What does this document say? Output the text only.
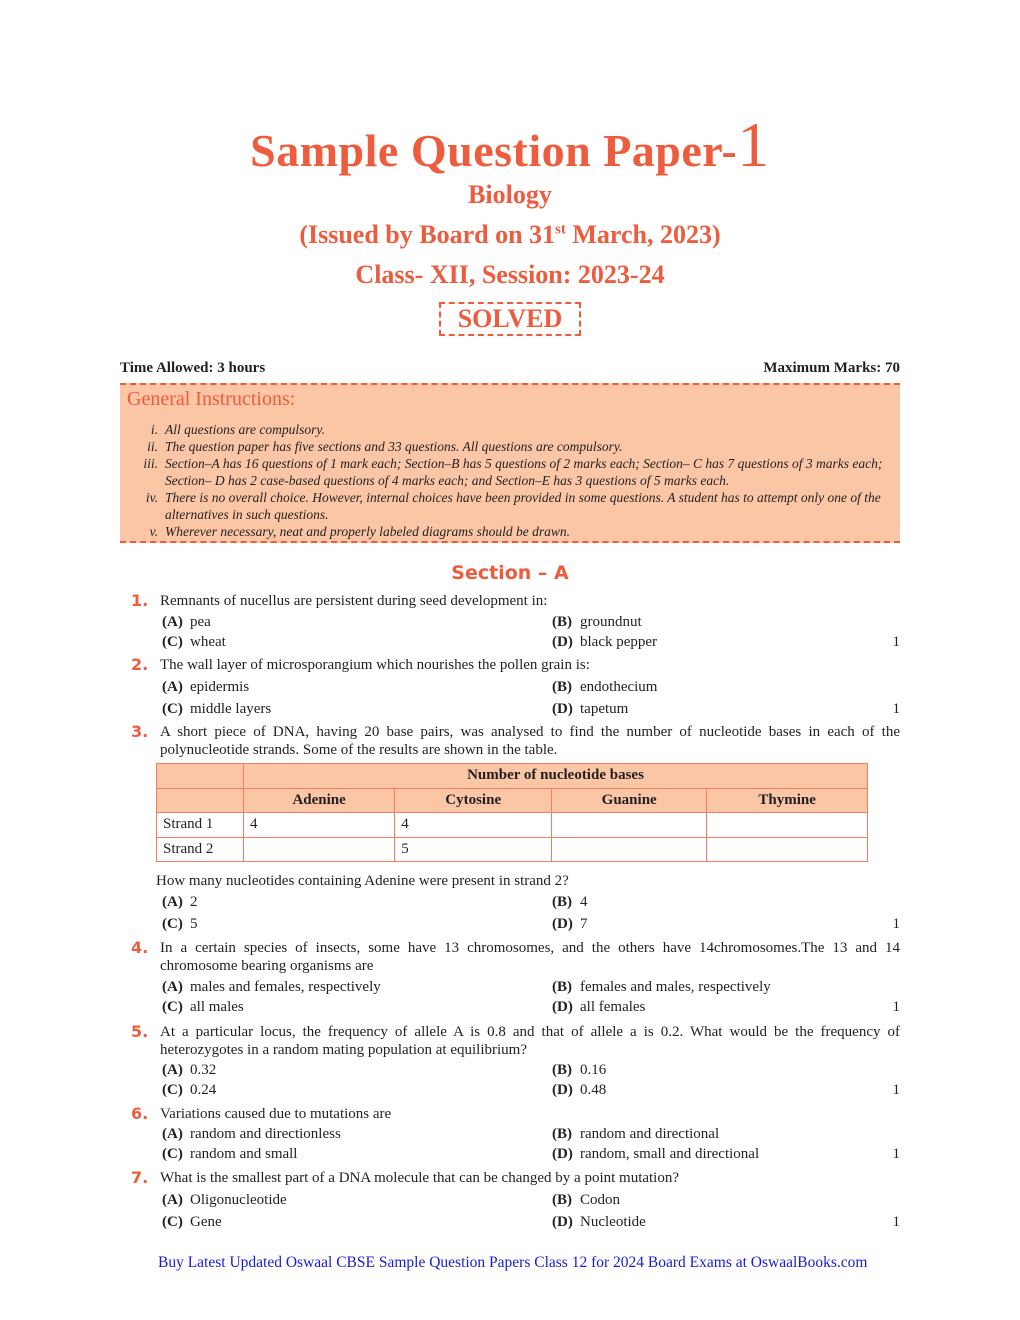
Sample Question Paper-1
Biology
(Issued by Board on 31st March, 2023)
Class- XII, Session: 2023-24
SOLVED
Time Allowed: 3 hours	Maximum Marks: 70
General Instructions:
i. All questions are compulsory.
ii. The question paper has five sections and 33 questions. All questions are compulsory.
iii. Section–A has 16 questions of 1 mark each; Section–B has 5 questions of 2 marks each; Section– C has 7 questions of 3 marks each; Section– D has 2 case-based questions of 4 marks each; and Section–E has 3 questions of 5 marks each.
iv. There is no overall choice. However, internal choices have been provided in some questions. A student has to attempt only one of the alternatives in such questions.
v. Wherever necessary, neat and properly labeled diagrams should be drawn.
Section – A
1. Remnants of nucellus are persistent during seed development in:
(A) pea	(B) groundnut
(C) wheat	(D) black pepper	1
2. The wall layer of microsporangium which nourishes the pollen grain is:
(A) epidermis	(B) endothecium
(C) middle layers	(D) tapetum	1
3. A short piece of DNA, having 20 base pairs, was analysed to find the number of nucleotide bases in each of the polynucleotide strands. Some of the results are shown in the table.
How many nucleotides containing Adenine were present in strand 2?
(A) 2	(B) 4
(C) 5	(D) 7	1
4. In a certain species of insects, some have 13 chromosomes, and the others have 14chromosomes.The 13 and 14 chromosome bearing organisms are
(A) males and females, respectively	(B) females and males, respectively
(C) all males	(D) all females	1
5. At a particular locus, the frequency of allele A is 0.8 and that of allele a is 0.2. What would be the frequency of heterozygotes in a random mating population at equilibrium?
(A) 0.32	(B) 0.16
(C) 0.24	(D) 0.48	1
6. Variations caused due to mutations are
(A) random and directionless	(B) random and directional
(C) random and small	(D) random, small and directional	1
7. What is the smallest part of a DNA molecule that can be changed by a point mutation?
(A) Oligonucleotide	(B) Codon
(C) Gene	(D) Nucleotide	1
	Number of nucleotide bases			
	Adenine	Cytosine	Guanine	Thymine
Strand 1	4	4		
Strand 2		5		
Buy Latest Updated Oswaal CBSE Sample Question Papers Class 12 for 2024 Board Exams at OswaalBooks.com
